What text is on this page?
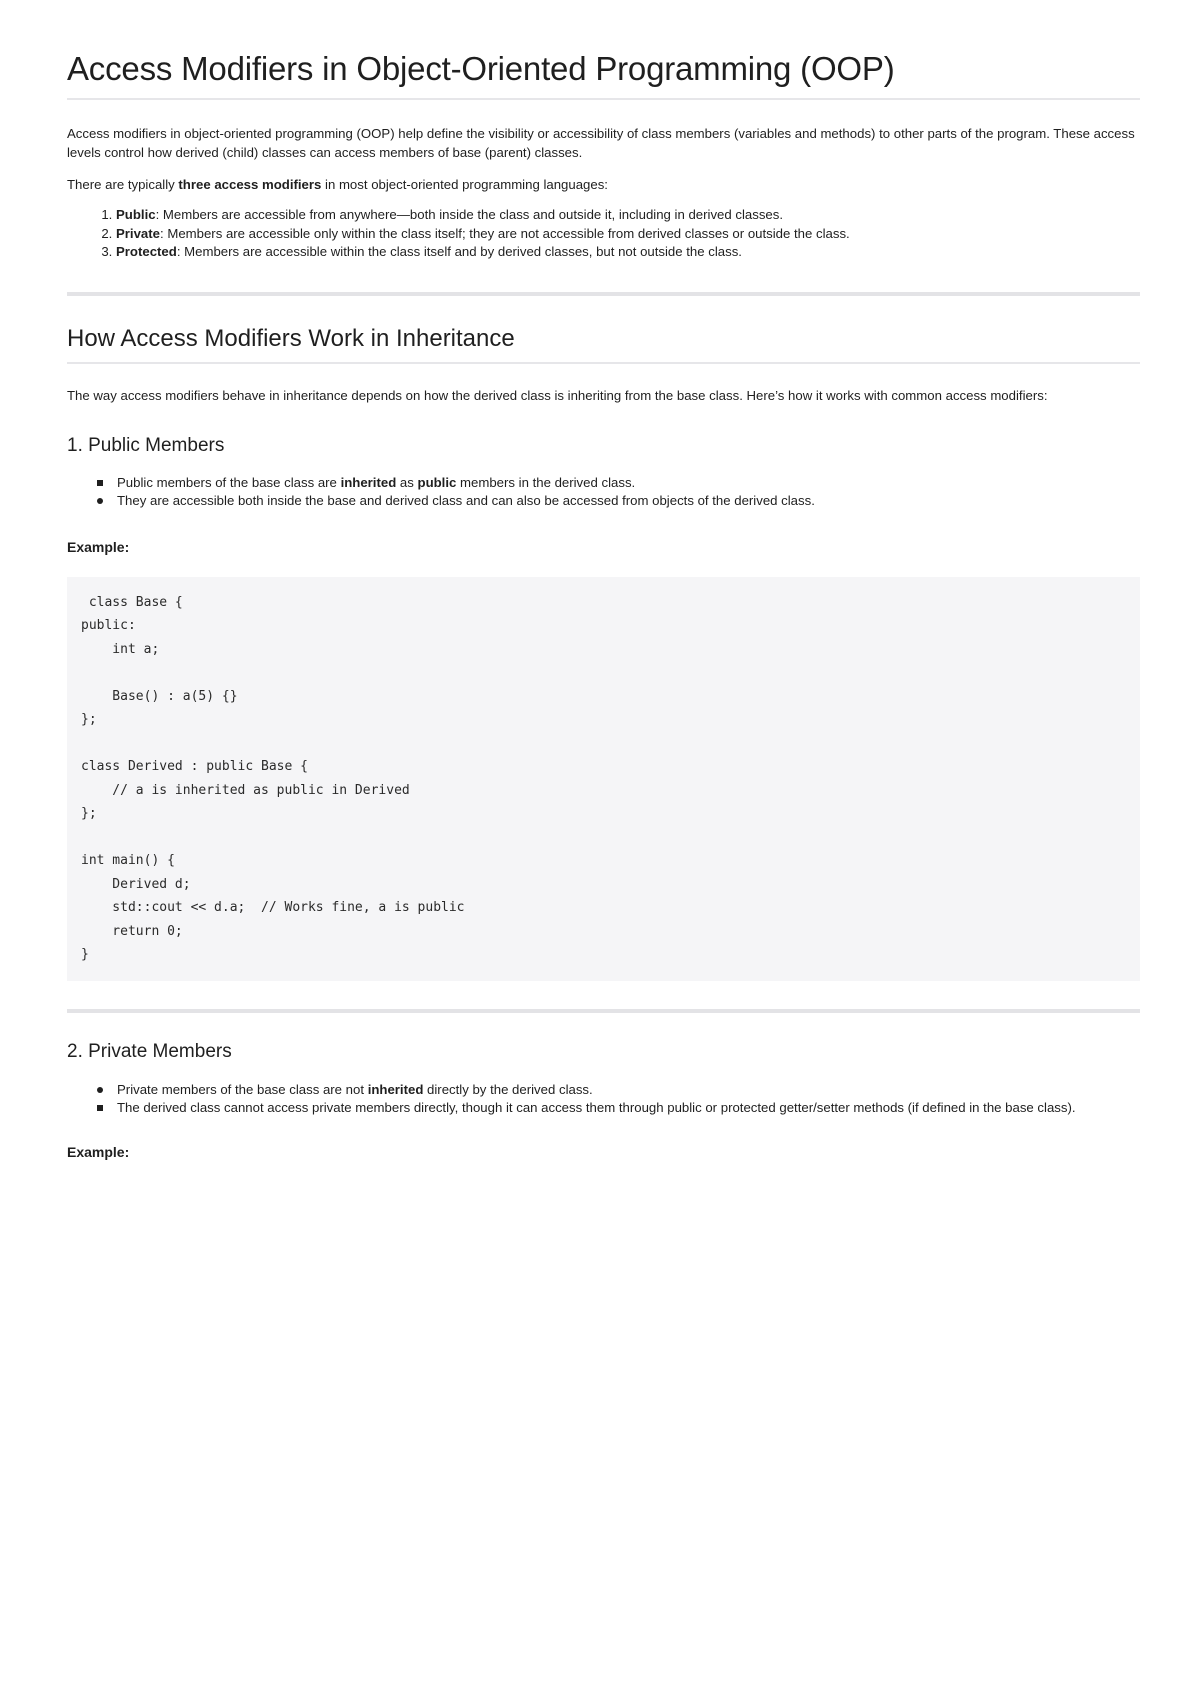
Access Modifiers in Object-Oriented Programming (OOP)

Access modifiers in object-oriented programming (OOP) help define the visibility or accessibility of class members (variables and methods) to other parts of the program. These access levels control how derived (child) classes can access members of base (parent) classes.

There are typically three access modifiers in most object-oriented programming languages:

1. Public: Members are accessible from anywhere—both inside the class and outside it, including in derived classes.
2. Private: Members are accessible only within the class itself; they are not accessible from derived classes or outside the class.
3. Protected: Members are accessible within the class itself and by derived classes, but not outside the class.
How Access Modifiers Work in Inheritance

The way access modifiers behave in inheritance depends on how the derived class is inheriting from the base class. Here’s how it works with common access modifiers:

1. Public Members
Public members of the base class are inherited as public members in the derived class.
They are accessible both inside the base and derived class and can also be accessed from objects of the derived class.

Example:

class Base {
public:
int a;

Base() : a(5) {}
};

class Derived : public Base {
// a is inherited as public in Derived
};

int main() {
Derived d;
std::cout << d.a;  // Works fine, a is public
return 0;
}
2. Private Members
Private members of the base class are not inherited directly by the derived class.
The derived class cannot access private members directly, though it can access them through public or protected getter/setter methods (if defined in the base class).

Example:
